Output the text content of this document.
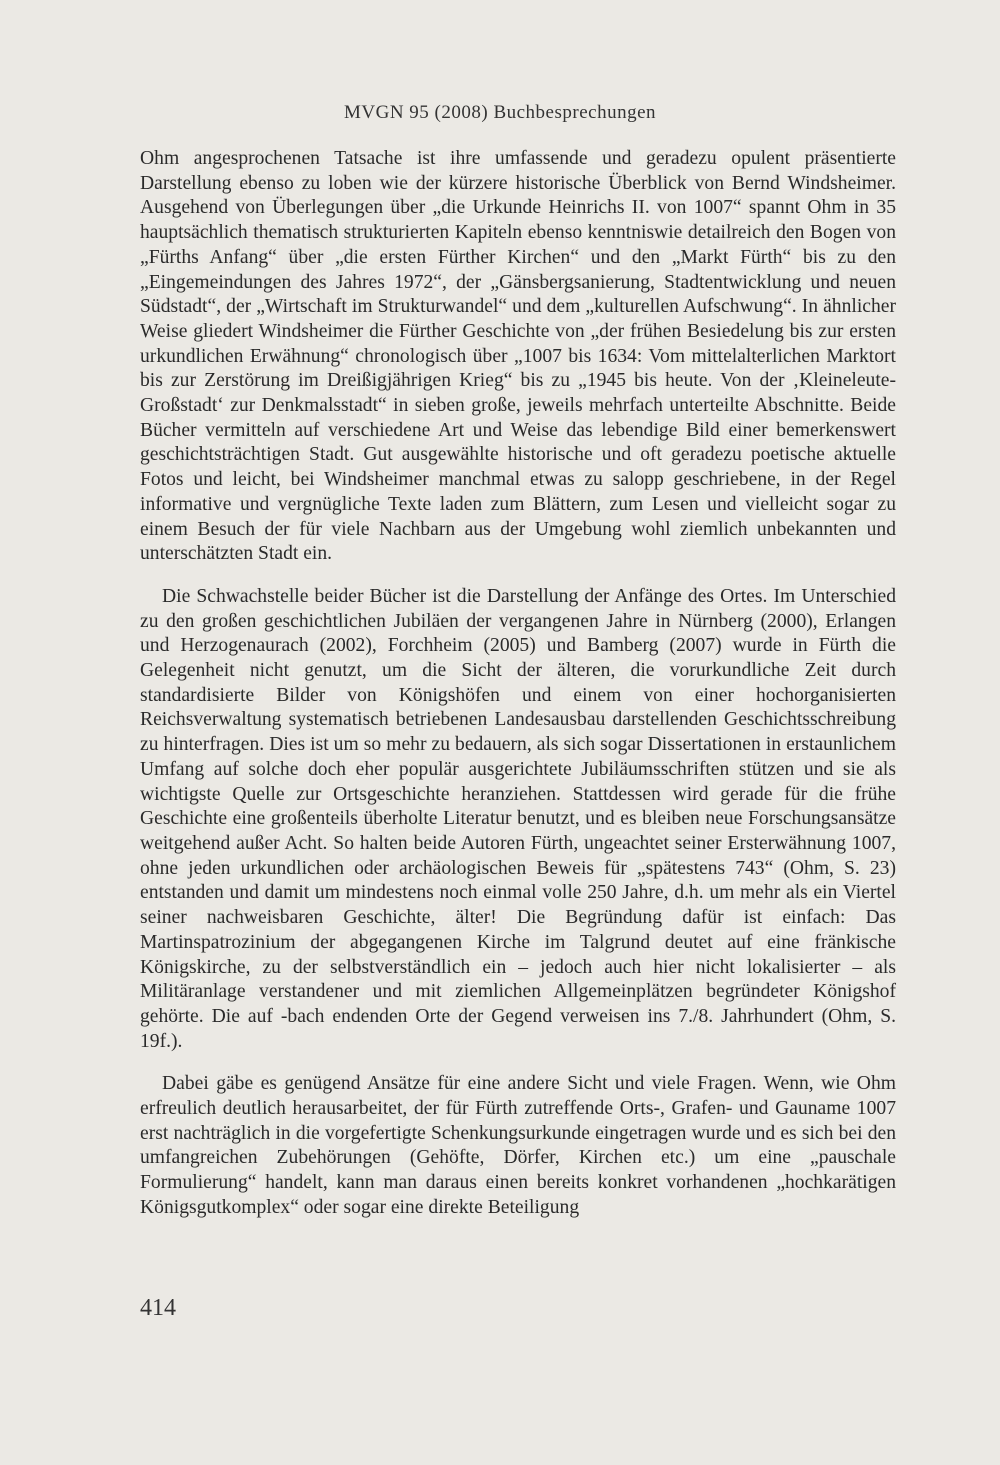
MVGN 95 (2008) Buchbesprechungen

Ohm angesprochenen Tatsache ist ihre umfassende und geradezu opulent präsentierte Darstellung ebenso zu loben wie der kürzere historische Überblick von Bernd Windsheimer. Ausgehend von Überlegungen über „die Urkunde Heinrichs II. von 1007“ spannt Ohm in 35 hauptsächlich thematisch strukturierten Kapiteln ebenso kenntniswie detailreich den Bogen von „Fürths Anfang“ über „die ersten Fürther Kirchen“ und den „Markt Fürth“ bis zu den „Eingemeindungen des Jahres 1972“, der „Gänsbergsanierung, Stadtentwicklung und neuen Südstadt“, der „Wirtschaft im Strukturwandel“ und dem „kulturellen Aufschwung“. In ähnlicher Weise gliedert Windsheimer die Fürther Geschichte von „der frühen Besiedelung bis zur ersten urkundlichen Erwähnung“ chronologisch über „1007 bis 1634: Vom mittelalterlichen Marktort bis zur Zerstörung im Dreißigjährigen Krieg“ bis zu „1945 bis heute. Von der ‚Kleineleute-Großstadt‘ zur Denkmalsstadt“ in sieben große, jeweils mehrfach unterteilte Abschnitte. Beide Bücher vermitteln auf verschiedene Art und Weise das lebendige Bild einer bemerkenswert geschichtsträchtigen Stadt. Gut ausgewählte historische und oft geradezu poetische aktuelle Fotos und leicht, bei Windsheimer manchmal etwas zu salopp geschriebene, in der Regel informative und vergnügliche Texte laden zum Blättern, zum Lesen und vielleicht sogar zu einem Besuch der für viele Nachbarn aus der Umgebung wohl ziemlich unbekannten und unterschätzten Stadt ein.

Die Schwachstelle beider Bücher ist die Darstellung der Anfänge des Ortes. Im Unterschied zu den großen geschichtlichen Jubiläen der vergangenen Jahre in Nürnberg (2000), Erlangen und Herzogenaurach (2002), Forchheim (2005) und Bamberg (2007) wurde in Fürth die Gelegenheit nicht genutzt, um die Sicht der älteren, die vorurkundliche Zeit durch standardisierte Bilder von Königshöfen und einem von einer hochorganisierten Reichsverwaltung systematisch betriebenen Landesausbau darstellenden Geschichtsschreibung zu hinterfragen. Dies ist um so mehr zu bedauern, als sich sogar Dissertationen in erstaunlichem Umfang auf solche doch eher populär ausgerichtete Jubiläumsschriften stützen und sie als wichtigste Quelle zur Ortsgeschichte heranziehen. Stattdessen wird gerade für die frühe Geschichte eine großenteils überholte Literatur benutzt, und es bleiben neue Forschungsansätze weitgehend außer Acht. So halten beide Autoren Fürth, ungeachtet seiner Ersterwähnung 1007, ohne jeden urkundlichen oder archäologischen Beweis für „spätestens 743“ (Ohm, S. 23) entstanden und damit um mindestens noch einmal volle 250 Jahre, d.h. um mehr als ein Viertel seiner nachweisbaren Geschichte, älter! Die Begründung dafür ist einfach: Das Martinspatrozinium der abgegangenen Kirche im Talgrund deutet auf eine fränkische Königskirche, zu der selbstverständlich ein – jedoch auch hier nicht lokalisierter – als Militäranlage verstandener und mit ziemlichen Allgemeinplätzen begründeter Königshof gehörte. Die auf -bach endenden Orte der Gegend verweisen ins 7./8. Jahrhundert (Ohm, S. 19f.).

Dabei gäbe es genügend Ansätze für eine andere Sicht und viele Fragen. Wenn, wie Ohm erfreulich deutlich herausarbeitet, der für Fürth zutreffende Orts-, Grafen- und Gauname 1007 erst nachträglich in die vorgefertigte Schenkungsurkunde eingetragen wurde und es sich bei den umfangreichen Zubehörungen (Gehöfte, Dörfer, Kirchen etc.) um eine „pauschale Formulierung“ handelt, kann man daraus einen bereits konkret vorhandenen „hochkarätigen Königsgutkomplex“ oder sogar eine direkte Beteiligung

414
